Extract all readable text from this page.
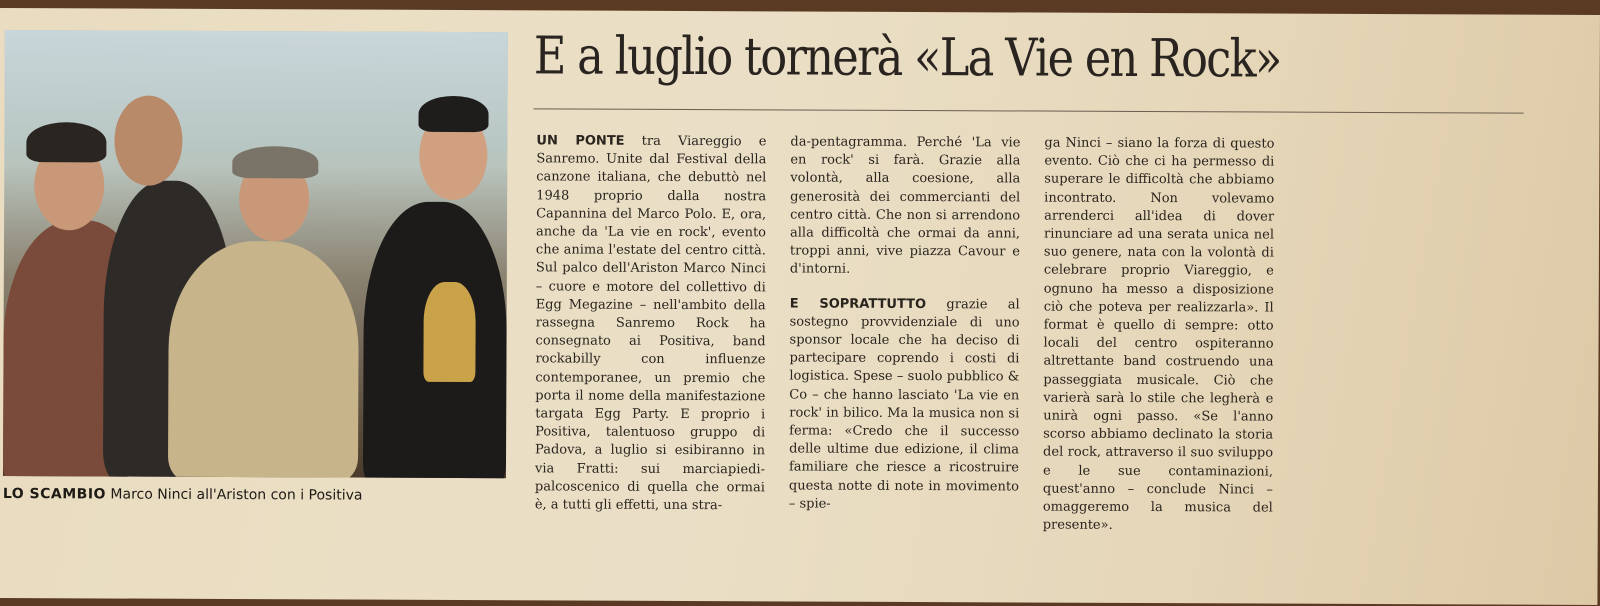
LO SCAMBIO Marco Ninci all'Ariston con i Positiva
E a luglio tornerà «La Vie en Rock»

UN PONTE tra Viareggio e Sanremo. Unite dal Festival della canzone italiana, che debuttò nel 1948 proprio dalla nostra Capannina del Marco Polo. E, ora, anche da 'La vie en rock', evento che anima l'estate del centro città. Sul palco dell'Ariston Marco Ninci – cuore e motore del collettivo di Egg Megazine – nell'ambito della rassegna Sanremo Rock ha consegnato ai Positiva, band rockabilly con influenze contemporanee, un premio che porta il nome della manifestazione targata Egg Party. E proprio i Positiva, talentuoso gruppo di Padova, a luglio si esibiranno in via Fratti: sui marciapiedi-palcoscenico di quella che ormai è, a tutti gli effetti, una stra-

da-pentagramma. Perché 'La vie en rock' si farà. Grazie alla volontà, alla coesione, alla generosità dei commercianti del centro città. Che non si arrendono alla difficoltà che ormai da anni, troppi anni, vive piazza Cavour e d'intorni.

E SOPRATTUTTO grazie al sostegno provvidenziale di uno sponsor locale che ha deciso di partecipare coprendo i costi di logistica. Spese – suolo pubblico & Co – che hanno lasciato 'La vie en rock' in bilico. Ma la musica non si ferma: «Credo che il successo delle ultime due edizione, il clima familiare che riesce a ricostruire questa notte di note in movimento – spie-

ga Ninci – siano la forza di questo evento. Ciò che ci ha permesso di superare le difficoltà che abbiamo incontrato. Non volevamo arrenderci all'idea di dover rinunciare ad una serata unica nel suo genere, nata con la volontà di celebrare proprio Viareggio, e ognuno ha messo a disposizione ciò che poteva per realizzarla». Il format è quello di sempre: otto locali del centro ospiteranno altrettante band costruendo una passeggiata musicale. Ciò che varierà sarà lo stile che legherà e unirà ogni passo. «Se l'anno scorso abbiamo declinato la storia del rock, attraverso il suo sviluppo e le sue contaminazioni, quest'anno – conclude Ninci – omaggeremo la musica del presente».
